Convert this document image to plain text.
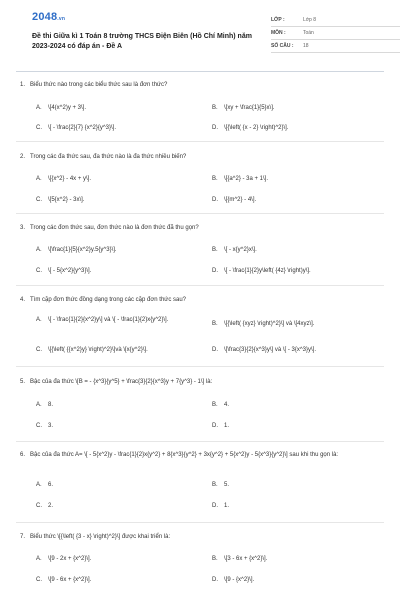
2048.vn
Đề thi Giữa kì 1 Toán 8 trường THCS Điện Biên (Hồ Chí Minh) năm 2023-2024 có đáp án - Đề A
LỚP :	Lớp 8
MÔN :	Toán
SỐ CÂU :	18
1. Biểu thức nào trong các biểu thức sau là đơn thức?
A. \[4(x^2)y + 3\].	B. \[xy + \frac{1}{5}x\].
C. \[ - \frac{2}{7} {x^2}{y^3}\].	D. \[{\left( {x - 2} \right)^2}\].
2. Trong các đa thức sau, đa thức nào là đa thức nhiều biến?
A. \[{x^2} - 4x + y\].	B. \[{a^2} - 3a + 1\].
C. \[5{x^2} - 3x\].	D. \[{m^2} - 4\].
3. Trong các đơn thức sau, đơn thức nào là đơn thức đã thu gọn?
A. \[\frac{1}{5}{x^2}y.5{y^3}\].	B. \[ - x{y^2}x\].
C. \[ - 5{x^2}{y^3}\].	D. \[ - \frac{1}{2}y\left( {4z} \right)y\].
4. Tìm cặp đơn thức đồng dạng trong các cặp đơn thức sau?
A. \[ - \frac{1}{2}{x^2}y\] và \[ - \frac{1}{2}x{y^2}\].
B. \[{\left( {xyz} \right)^2}\] và \[4xyz\].
C. \[{\left( {{x^2}y} \right)^2}\]và \[x{y^2}\].	D. \[\frac{3}{2}{x^3}y\] và \[ - 3{x^3}y\].
5. Bậc của đa thức \[B = - {x^3}{y^5} + \frac{3}{2}{x^3}y + 7{y^3} - 1\] là:
A. 8.	B. 4.
C. 3.	D. 1.
6. Bậc của đa thức A= \[ - 5{x^2}y - \frac{1}{2}x{y^2} + 8{x^3}{y^2} + 3x{y^2} + 5{x^2}y - 5{x^3}{y^2}\] sau khi thu gọn là:
A. 6.	B. 5.
C. 2.	D. 1.
7. Biểu thức \[{\left( {3 - x} \right)^2}\] được khai triển là:
A. \[9 - 2x + {x^2}\].	B. \[3 - 6x + {x^2}\].
C. \[9 - 6x + {x^2}\].	D. \[9 - {x^2}\].
